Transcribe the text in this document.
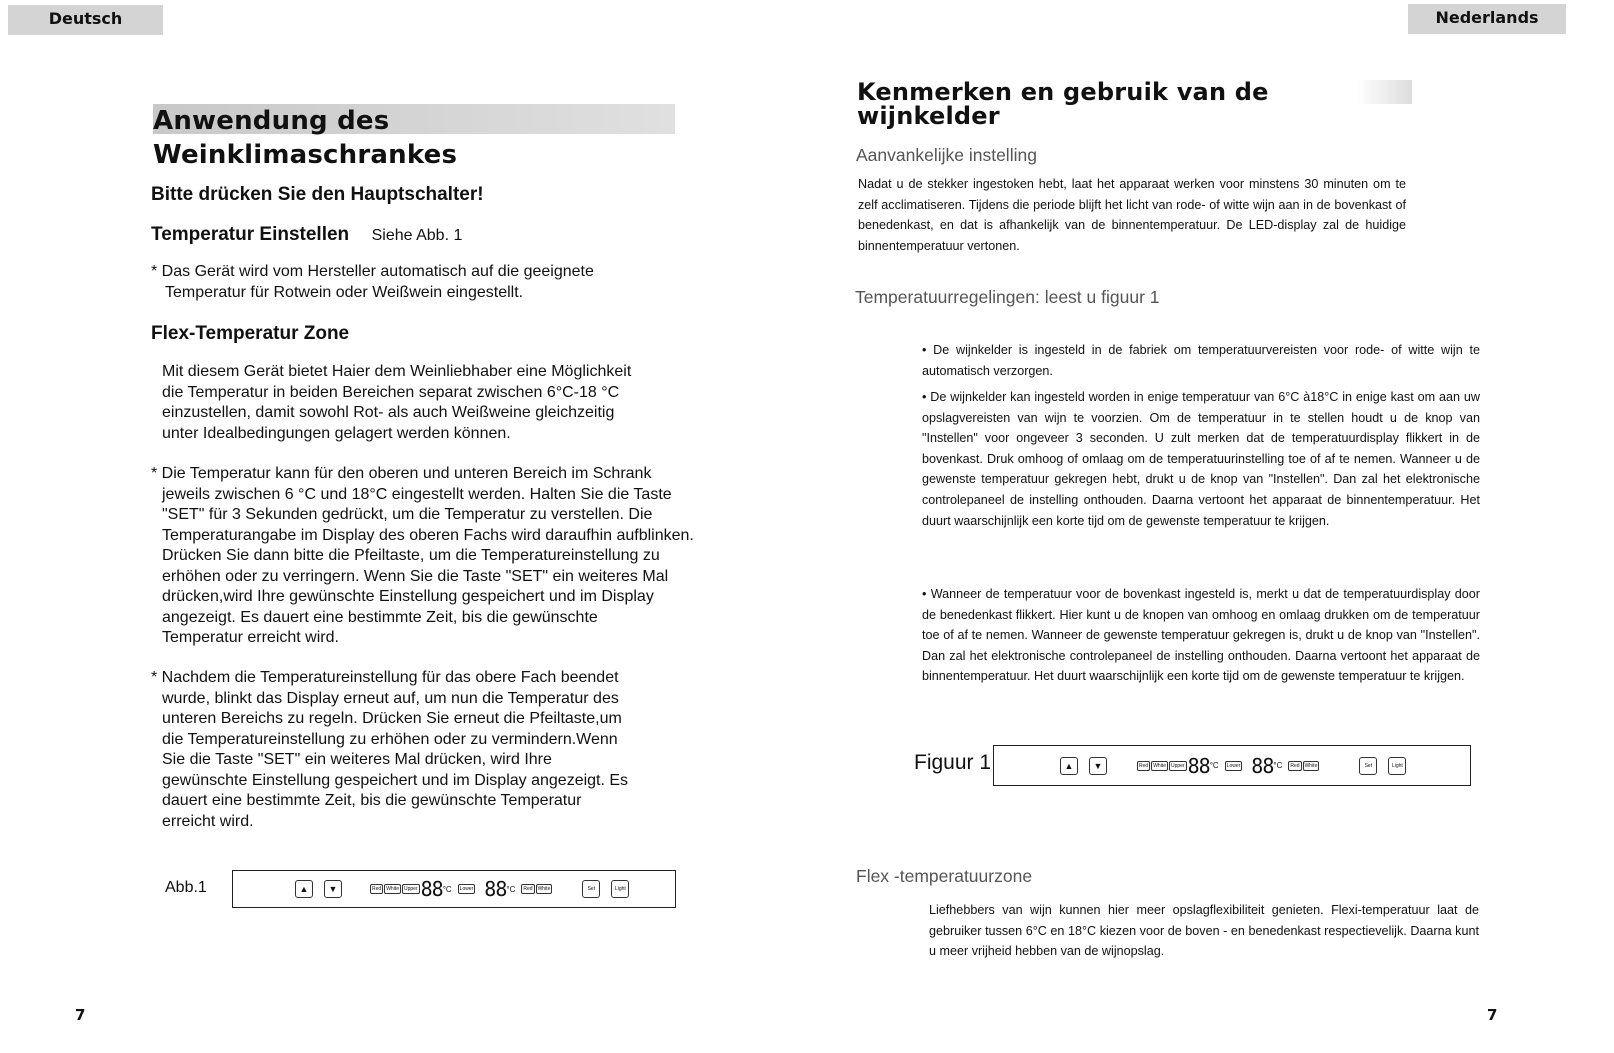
Deutsch	Nederlands
Anwendung des Weinklimaschrankes
Bitte drücken Sie den Hauptschalter!
Temperatur Einstellen Siehe Abb. 1
* Das Gerät wird vom Hersteller automatisch auf die geeignete
Temperatur für Rotwein oder Weißwein eingestellt.
Flex-Temperatur Zone
Mit diesem Gerät bietet Haier dem Weinliebhaber eine Möglichkeit
die Temperatur in beiden Bereichen separat zwischen 6°C-18 °C
einzustellen, damit sowohl Rot- als auch Weißweine gleichzeitig
unter Idealbedingungen gelagert werden können.
* Die Temperatur kann für den oberen und unteren Bereich im Schrank
jeweils zwischen 6 °C und 18°C eingestellt werden. Halten Sie die Taste
"SET" für 3 Sekunden gedrückt, um die Temperatur zu verstellen. Die
Temperaturangabe im Display des oberen Fachs wird daraufhin aufblinken.
Drücken Sie dann bitte die Pfeiltaste, um die Temperatureinstellung zu
erhöhen oder zu verringern. Wenn Sie die Taste "SET" ein weiteres Mal
drücken,wird Ihre gewünschte Einstellung gespeichert und im Display
angezeigt. Es dauert eine bestimmte Zeit, bis die gewünschte
Temperatur erreicht wird.
* Nachdem die Temperatureinstellung für das obere Fach beendet
wurde, blinkt das Display erneut auf, um nun die Temperatur des
unteren Bereichs zu regeln. Drücken Sie erneut die Pfeiltaste,um
die Temperatureinstellung zu erhöhen oder zu vermindern.Wenn
Sie die Taste "SET" ein weiteres Mal drücken, wird Ihre
gewünschte Einstellung gespeichert und im Display angezeigt. Es
dauert eine bestimmte Zeit, bis die gewünschte Temperatur
erreicht wird.
Abb.1	▲	▼	Red	White	Upper 88 °C	Lower 88 °C	Red	White	Set	Light
7
Kenmerken en gebruik van de wijnkelder
Aanvankelijke instelling
Nadat u de stekker ingestoken hebt, laat het apparaat werken voor minstens 30 minuten om te zelf acclimatiseren. Tijdens die periode blijft het licht van rode- of witte wijn aan in de bovenkast of benedenkast, en dat is afhankelijk van de binnentemperatuur. De LED-display zal de huidige binnentemperatuur vertonen.
Temperatuurregelingen: leest u figuur 1
• De wijnkelder is ingesteld in de fabriek om temperatuurvereisten voor rode- of witte wijn te automatisch verzorgen.
• De wijnkelder kan ingesteld worden in enige temperatuur van 6°C à18°C in enige kast om aan uw opslagvereisten van wijn te voorzien. Om de temperatuur in te stellen houdt u de knop van "Instellen" voor ongeveer 3 seconden. U zult merken dat de temperatuurdisplay flikkert in de bovenkast. Druk omhoog of omlaag om de temperatuurinstelling toe of af te nemen. Wanneer u de gewenste temperatuur gekregen hebt, drukt u de knop van "Instellen". Dan zal het elektronische controlepaneel de instelling onthouden. Daarna vertoont het apparaat de binnentemperatuur. Het duurt waarschijnlijk een korte tijd om de gewenste temperatuur te krijgen.
• Wanneer de temperatuur voor de bovenkast ingesteld is, merkt u dat de temperatuurdisplay door de benedenkast flikkert. Hier kunt u de knopen van omhoog en omlaag drukken om de temperatuur toe of af te nemen. Wanneer de gewenste temperatuur gekregen is, drukt u de knop van "Instellen". Dan zal het elektronische controlepaneel de instelling onthouden. Daarna vertoont het apparaat de binnentemperatuur. Het duurt waarschijnlijk een korte tijd om de gewenste temperatuur te krijgen.
Figuur 1	▲	▼	Red	White	Upper 88 °C	Lower 88 °C	Red	White	Set	Light
Flex -temperatuurzone
Liefhebbers van wijn kunnen hier meer opslagflexibiliteit genieten. Flexi-temperatuur laat de gebruiker tussen 6°C en 18°C kiezen voor de boven - en benedenkast respectievelijk. Daarna kunt u meer vrijheid hebben van de wijnopslag.
7
